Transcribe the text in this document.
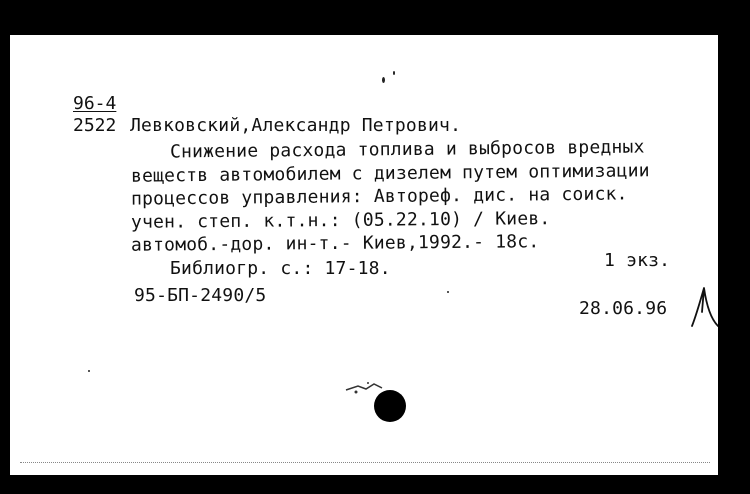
96-4
2522 Левковский,Александр Петрович.
Снижение расхода топлива и выбросов вредных
веществ автомобилем с дизелем путем оптимизации
процессов управления: Автореф. дис. на соиск.
учен. степ. к.т.н.: (05.22.10) / Киев.
автомоб.-дор. ин-т.- Киев,1992.- 18с.
Библиогр. с.: 17-18.	1 экз.
95-БП-2490/5
28.06.96
